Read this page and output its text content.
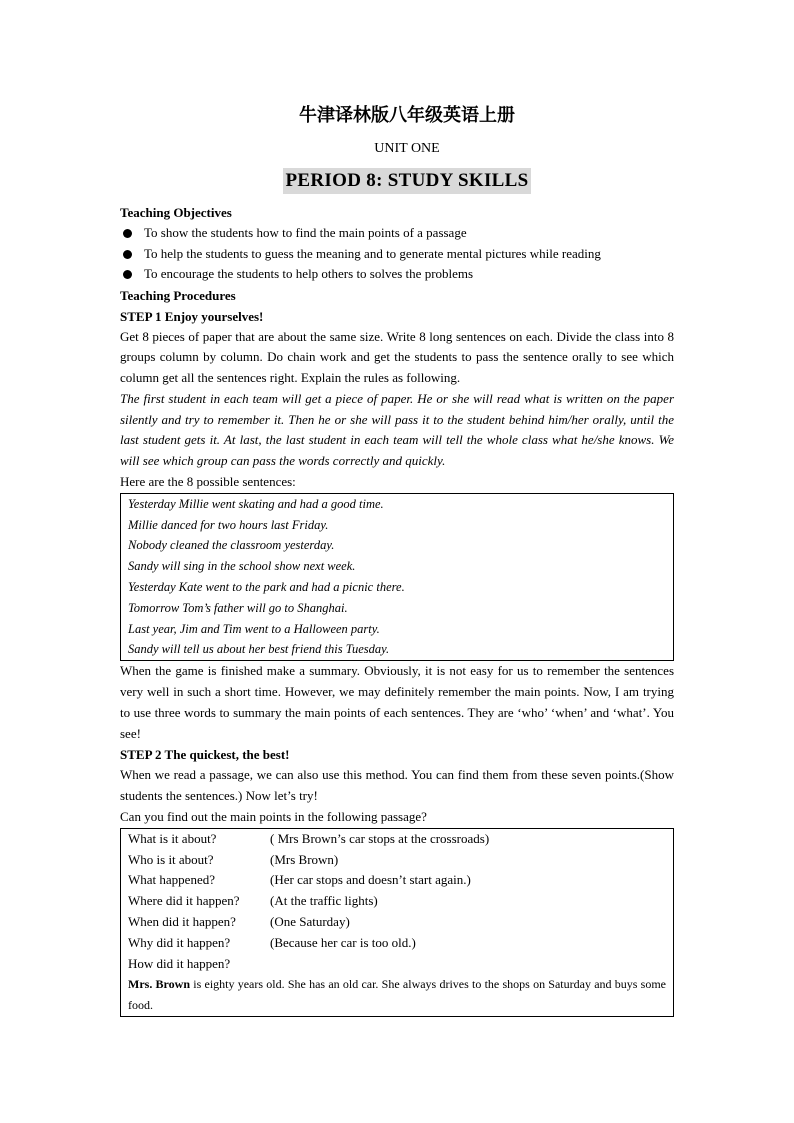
牛津译林版八年级英语上册
UNIT ONE
PERIOD 8: STUDY SKILLS
Teaching Objectives
To show the students how to find the main points of a passage
To help the students to guess the meaning and to generate mental pictures while reading
To encourage the students to help others to solves the problems
Teaching Procedures
STEP 1 Enjoy yourselves!

Get 8 pieces of paper that are about the same size. Write 8 long sentences on each. Divide the class into 8 groups column by column. Do chain work and get the students to pass the sentence orally to see which column get all the sentences right. Explain the rules as following.

The first student in each team will get a piece of paper. He or she will read what is written on the paper silently and try to remember it. Then he or she will pass it to the student behind him/her orally, until the last student gets it. At last, the last student in each team will tell the whole class what he/she knows. We will see which group can pass the words correctly and quickly.

Here are the 8 possible sentences:

Yesterday Millie went skating and had a good time.
Millie danced for two hours last Friday.
Nobody cleaned the classroom yesterday.
Sandy will sing in the school show next week.
Yesterday Kate went to the park and had a picnic there.
Tomorrow Tom’s father will go to Shanghai.
Last year, Jim and Tim went to a Halloween party.
Sandy will tell us about her best friend this Tuesday.

When the game is finished make a summary. Obviously, it is not easy for us to remember the sentences very well in such a short time. However, we may definitely remember the main points. Now, I am trying to use three words to summary the main points of each sentences. They are ‘who’ ‘when’ and ‘what’. You see!

STEP 2 The quickest, the best!

When we read a passage, we can also use this method. You can find them from these seven points.(Show students the sentences.) Now let’s try!

Can you find out the main points in the following passage?

What is it about?	( Mrs Brown’s car stops at the crossroads)
Who is it about?	(Mrs Brown)
What happened?	(Her car stops and doesn’t start again.)
Where did it happen?	(At the traffic lights)
When did it happen?	(One Saturday)
Why did it happen?	(Because her car is too old.)
How did it happen?
Mrs. Brown is eighty years old. She has an old car. She always drives to the shops on Saturday and buys some food.
